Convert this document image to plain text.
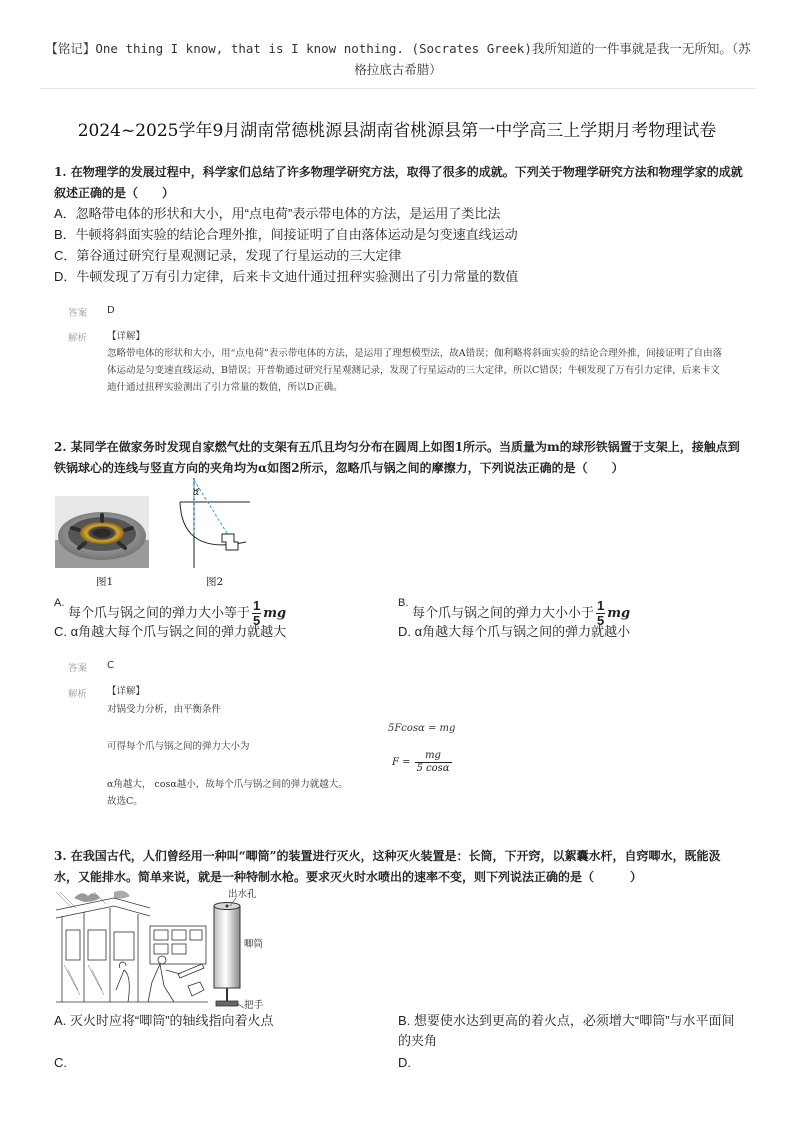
【铭记】One thing I know, that is I know nothing. (Socrates Greek)我所知道的一件事就是我一无所知。（苏格拉底古希腊）
2024~2025学年9月湖南常德桃源县湖南省桃源县第一中学高三上学期月考物理试卷
1. 在物理学的发展过程中，科学家们总结了许多物理学研究方法，取得了很多的成就。下列关于物理学研究方法和物理学家的成就叙述正确的是（　　）
A．忽略带电体的形状和大小，用“点电荷”表示带电体的方法，是运用了类比法
B．牛顿将斜面实验的结论合理外推，间接证明了自由落体运动是匀变速直线运动
C．第谷通过研究行星观测记录，发现了行星运动的三大定律
D．牛顿发现了万有引力定律，后来卡文迪什通过扭秤实验测出了引力常量的数值
答案 D
解析 【详解】
忽略带电体的形状和大小，用“点电荷”表示带电体的方法，是运用了理想模型法，故A错误；伽利略将斜面实验的结论合理外推，间接证明了自由落体运动是匀变速直线运动，B错误；开普勒通过研究行星观测记录，发现了行星运动的三大定律，所以C错误；牛顿发现了万有引力定律，后来卡文迪什通过扭秤实验测出了引力常量的数值，所以D正确。
2. 某同学在做家务时发现自家燃气灶的支架有五爪且均匀分布在圆周上如图1所示。当质量为m的球形铁锅置于支架上，接触点到铁锅球心的连线与竖直方向的夹角均为α如图2所示，忽略爪与锅之间的摩擦力，下列说法正确的是（　　）
图1
α
图2
A.
每个爪与锅之间的弹力大小等于 $\frac{1}{5}$ mg
B.
每个爪与锅之间的弹力大小小于 $\frac{1}{5}$ mg
C. α角越大每个爪与锅之间的弹力就越大	D. α角越大每个爪与锅之间的弹力就越小
答案 C
解析 【详解】
对锅受力分析，由平衡条件
5Fcosα = mg
可得每个爪与锅之间的弹力大小为
$F = \frac{mg}{5 \cos\alpha}$
α角越大， cosα越小，故每个爪与锅之间的弹力就越大。
故选C。
3. 在我国古代，人们曾经用一种叫“唧筒”的装置进行灭火，这种灭火装置是：长筒，下开窍，以絮囊水杆，自窍唧水，既能汲水，又能排水。简单来说，就是一种特制水枪。要求灭火时水喷出的速率不变，则下列说法正确的是（　　　）
出水孔
唧筒
把手
A. 灭火时应将“唧筒”的轴线指向着火点	B. 想要使水达到更高的着火点，必须增大“唧筒”与水平面间的夹角
C.	D.
